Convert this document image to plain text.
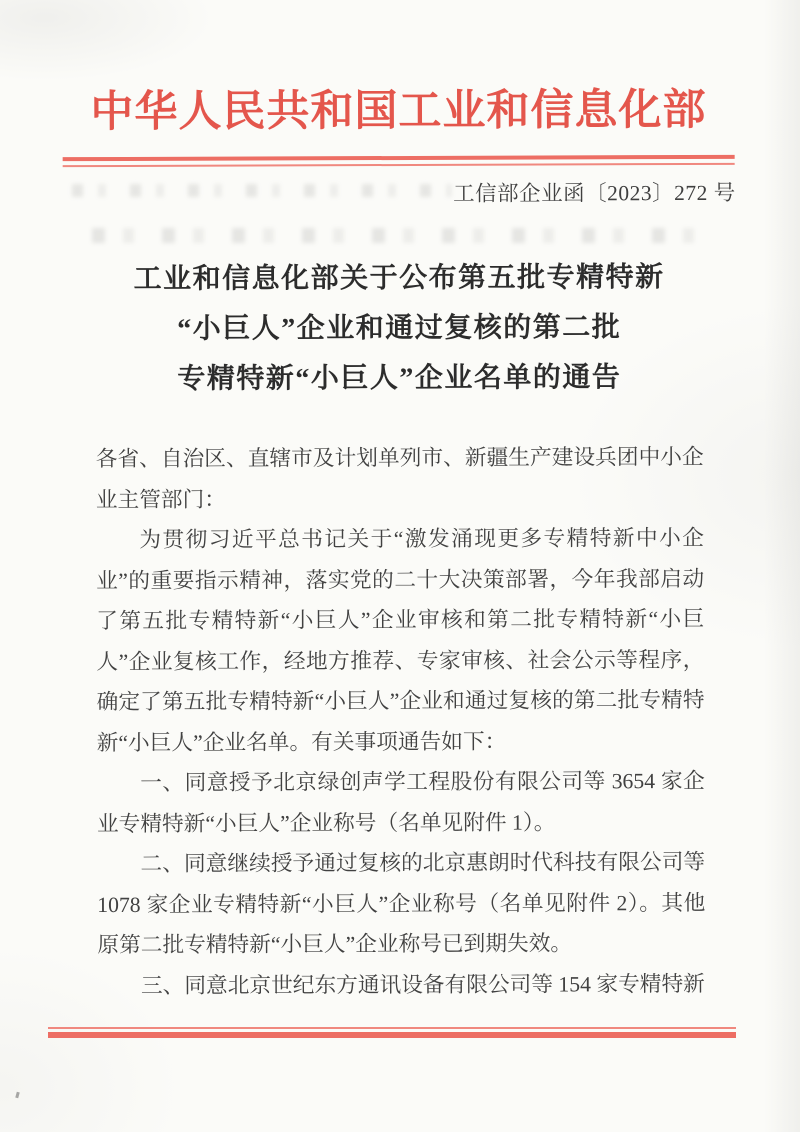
中华人民共和国工业和信息化部
工信部企业函〔2023〕272 号
工业和信息化部关于公布第五批专精特新
“小巨人”企业和通过复核的第二批
专精特新“小巨人”企业名单的通告

各省、自治区、直辖市及计划单列市、新疆生产建设兵团中小企业主管部门：

为贯彻习近平总书记关于“激发涌现更多专精特新中小企业”的重要指示精神，落实党的二十大决策部署，今年我部启动了第五批专精特新“小巨人”企业审核和第二批专精特新“小巨人”企业复核工作，经地方推荐、专家审核、社会公示等程序，确定了第五批专精特新“小巨人”企业和通过复核的第二批专精特新“小巨人”企业名单。有关事项通告如下：

一、同意授予北京绿创声学工程股份有限公司等 3654 家企业专精特新“小巨人”企业称号（名单见附件 1）。

二、同意继续授予通过复核的北京惠朗时代科技有限公司等 1078 家企业专精特新“小巨人”企业称号（名单见附件 2）。其他原第二批专精特新“小巨人”企业称号已到期失效。

三、同意北京世纪东方通讯设备有限公司等 154 家专精特新
